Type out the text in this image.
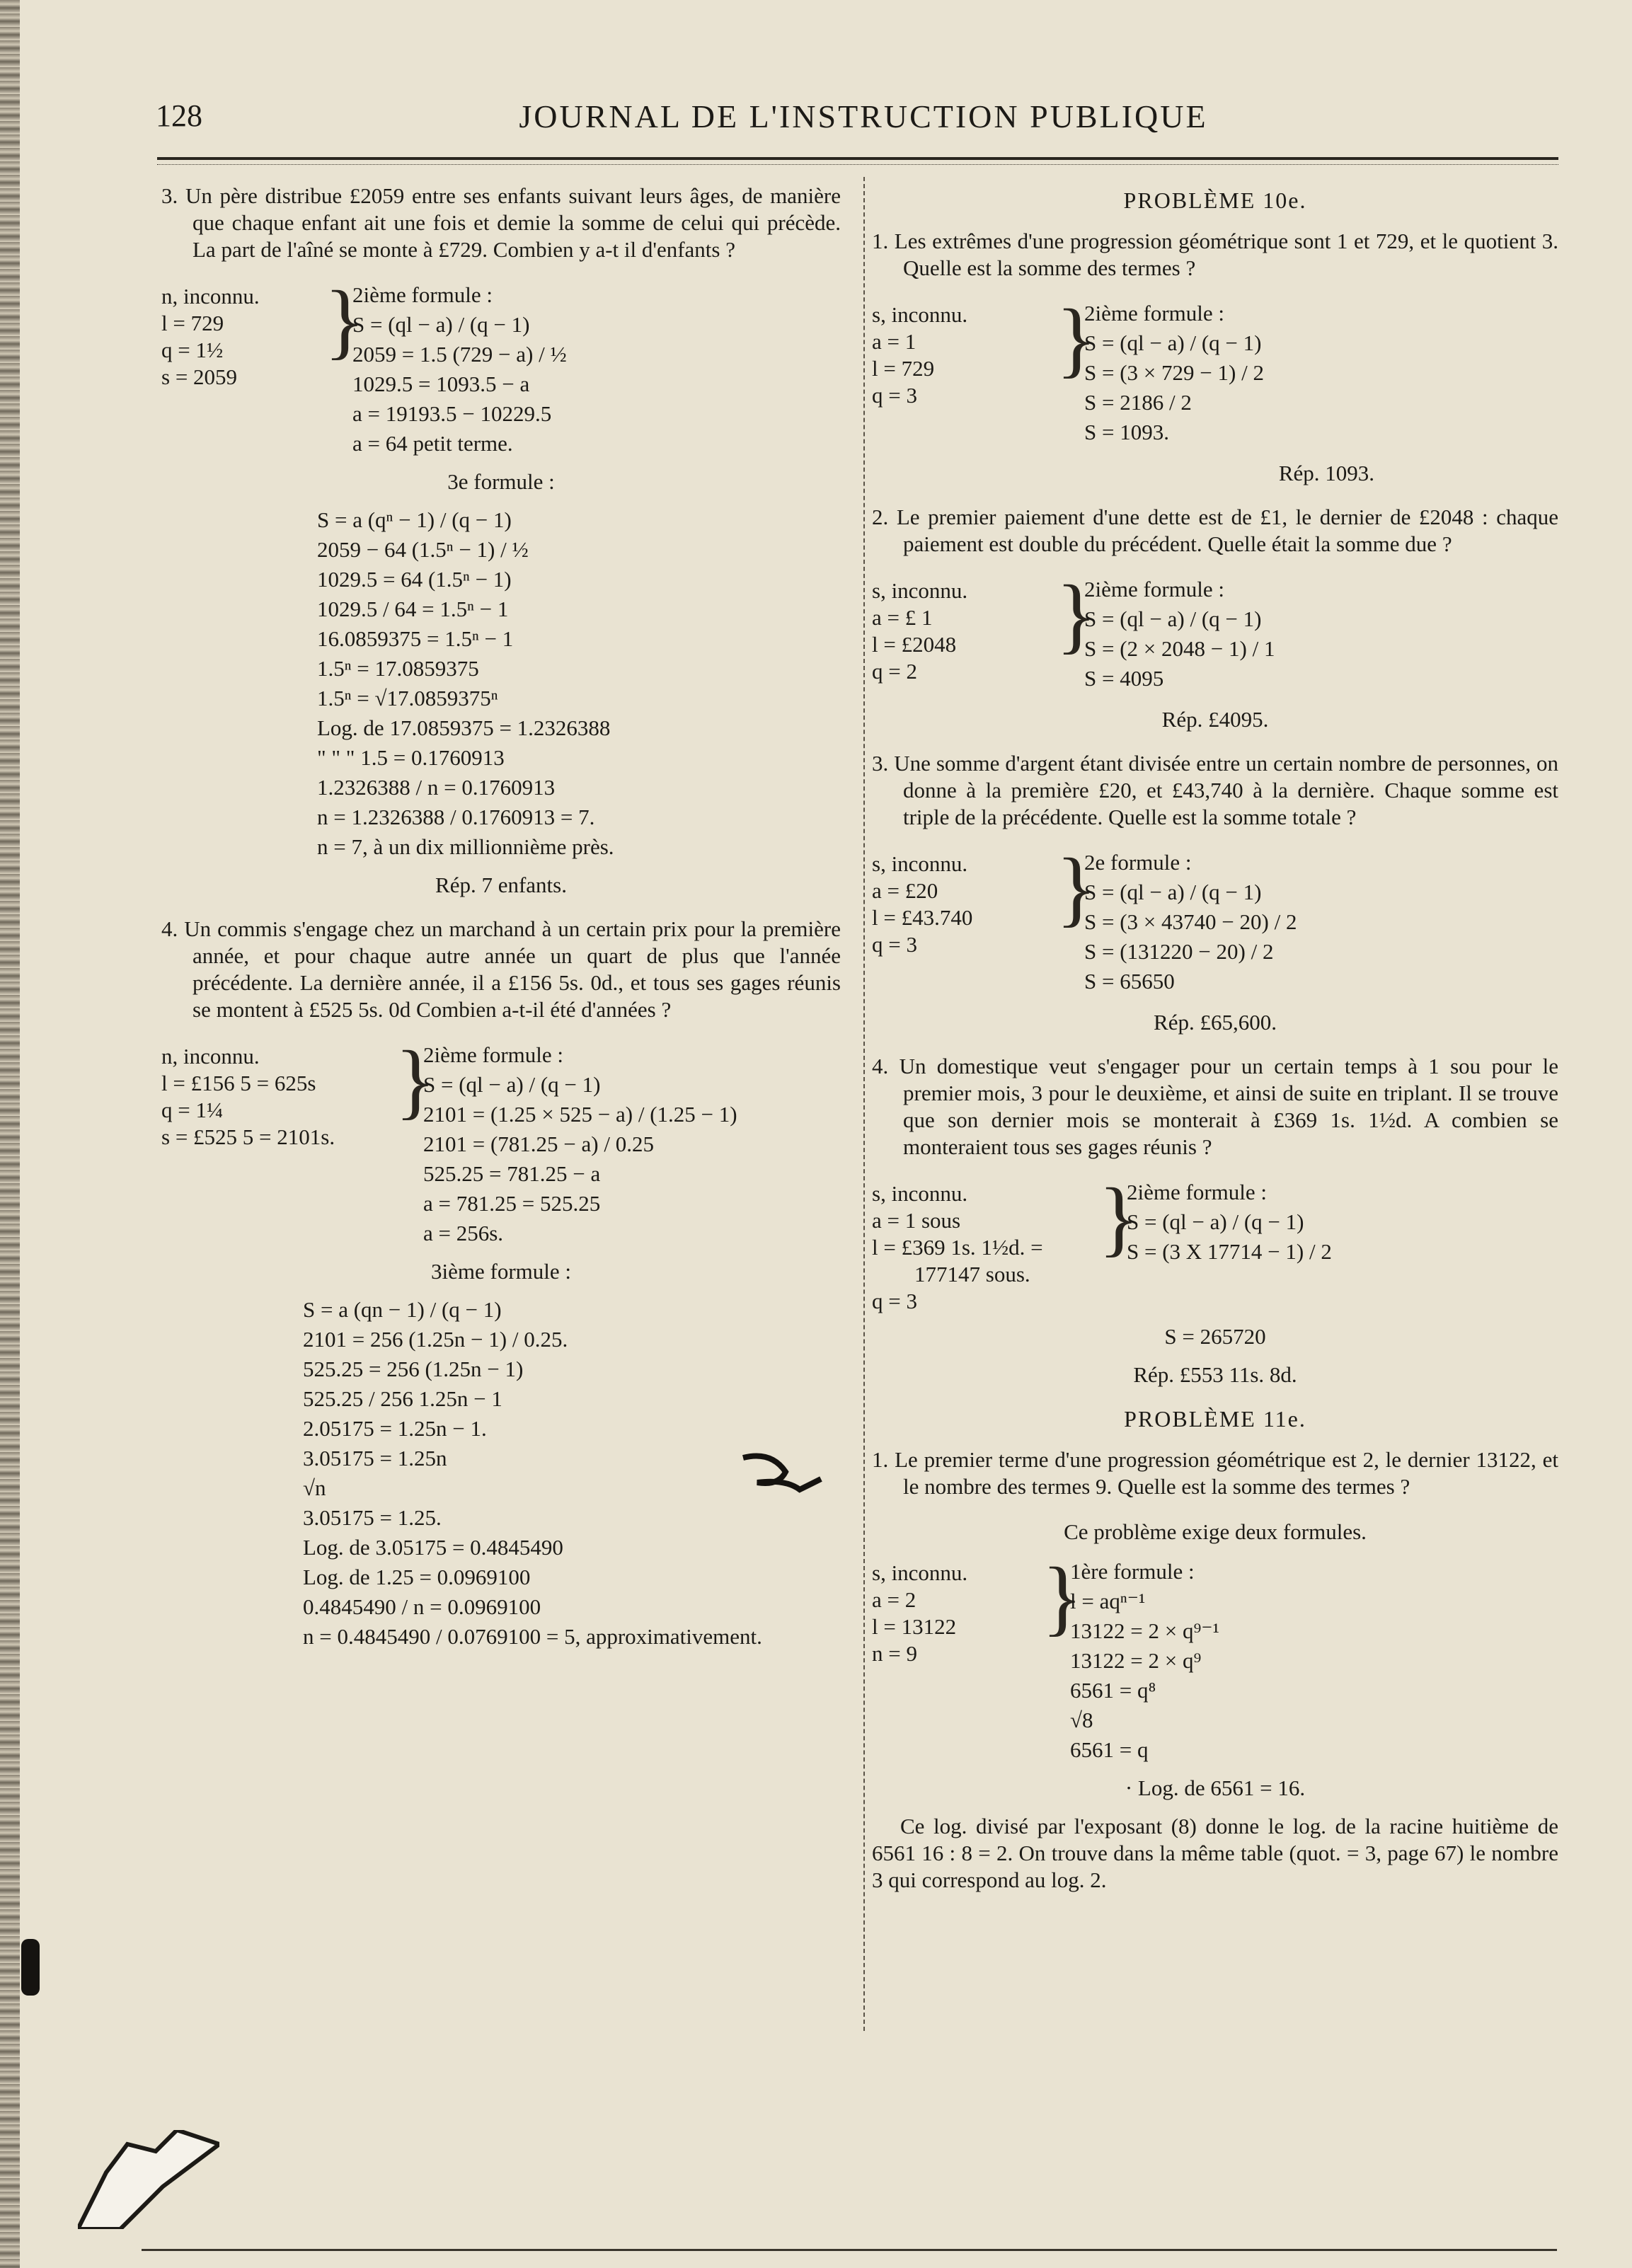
128	JOURNAL DE L'INSTRUCTION PUBLIQUE

3. Un père distribue £2059 entre ses enfants suivant leurs âges, de manière que chaque enfant ait une fois et demie la somme de celui qui précède. La part de l'aîné se monte à £729. Combien y a-t il d'enfants ?

n, inconnu.
l = 729
q = 1½
s = 2059
}
2ième formule :
S = (ql − a) / (q − 1)
2059 = 1.5 (729 − a) / ½
1029.5 = 1093.5 − a
a = 19193.5 − 10229.5
a = 64 petit terme.
3e formule :
S = a (qⁿ − 1) / (q − 1)
2059 − 64 (1.5ⁿ − 1) / ½
1029.5 = 64 (1.5ⁿ − 1)
1029.5 / 64 = 1.5ⁿ − 1
16.0859375 = 1.5ⁿ − 1
1.5ⁿ = 17.0859375
1.5ⁿ = √17.0859375ⁿ
Log. de 17.0859375 = 1.2326388
" " " 1.5 = 0.1760913
1.2326388 / n = 0.1760913
n = 1.2326388 / 0.1760913 = 7.
n = 7, à un dix millionnième près.
Rép. 7 enfants.

4. Un commis s'engage chez un marchand à un certain prix pour la première année, et pour chaque autre année un quart de plus que l'année précédente. La dernière année, il a £156 5s. 0d., et tous ses gages réunis se montent à £525 5s. 0d Combien a-t-il été d'années ?

n, inconnu.
l = £156 5 = 625s
q = 1¼
s = £525 5 = 2101s.
}
2ième formule :
S = (ql − a) / (q − 1)
2101 = (1.25 × 525 − a) / (1.25 − 1)
2101 = (781.25 − a) / 0.25
525.25 = 781.25 − a
a = 781.25 = 525.25
a = 256s.
3ième formule :
S = a (qn − 1) / (q − 1)
2101 = 256 (1.25n − 1) / 0.25.
525.25 = 256 (1.25n − 1)
525.25 / 256 1.25n − 1
2.05175 = 1.25n − 1.
3.05175 = 1.25n
√n
3.05175 = 1.25.
Log. de 3.05175 = 0.4845490
Log. de 1.25 = 0.0969100
0.4845490 / n = 0.0969100
n = 0.4845490 / 0.0769100 = 5, approximativement.
PROBLÈME 10e.

1. Les extrêmes d'une progression géométrique sont 1 et 729, et le quotient 3. Quelle est la somme des termes ?

s, inconnu.
a = 1
l = 729
q = 3
}
2ième formule :
S = (ql − a) / (q − 1)
S = (3 × 729 − 1) / 2
S = 2186 / 2
S = 1093.
Rép. 1093.

2. Le premier paiement d'une dette est de £1, le dernier de £2048 : chaque paiement est double du précédent. Quelle était la somme due ?

s, inconnu.
a = £ 1
l = £2048
q = 2
}
2ième formule :
S = (ql − a) / (q − 1)
S = (2 × 2048 − 1) / 1
S = 4095
Rép. £4095.

3. Une somme d'argent étant divisée entre un certain nombre de personnes, on donne à la première £20, et £43,740 à la dernière. Chaque somme est triple de la précédente. Quelle est la somme totale ?

s, inconnu.
a = £20
l = £43.740
q = 3
}
2e formule :
S = (ql − a) / (q − 1)
S = (3 × 43740 − 20) / 2
S = (131220 − 20) / 2
S = 65650
Rép. £65,600.

4. Un domestique veut s'engager pour un certain temps à 1 sou pour le premier mois, 3 pour le deuxième, et ainsi de suite en triplant. Il se trouve que son dernier mois se monterait à £369 1s. 1½d. A combien se monteraient tous ses gages réunis ?

s, inconnu.
a = 1 sous
l = £369 1s. 1½d. =
177147 sous.
q = 3
}
2ième formule :
S = (ql − a) / (q − 1)
S = (3 X 17714 − 1) / 2
S = 265720
Rép. £553 11s. 8d.
PROBLÈME 11e.

1. Le premier terme d'une progression géométrique est 2, le dernier 13122, et le nombre des termes 9. Quelle est la somme des termes ?

Ce problème exige deux formules.
s, inconnu.
a = 2
l = 13122
n = 9
}
1ère formule :
l = aqⁿ⁻¹
13122 = 2 × q⁹⁻¹
13122 = 2 × q⁹
6561 = q⁸
√8
6561 = q
· Log. de 6561 = 16.

Ce log. divisé par l'exposant (8) donne le log. de la racine huitième de 6561 16 : 8 = 2. On trouve dans la même table (quot. = 3, page 67) le nombre 3 qui correspond au log. 2.
